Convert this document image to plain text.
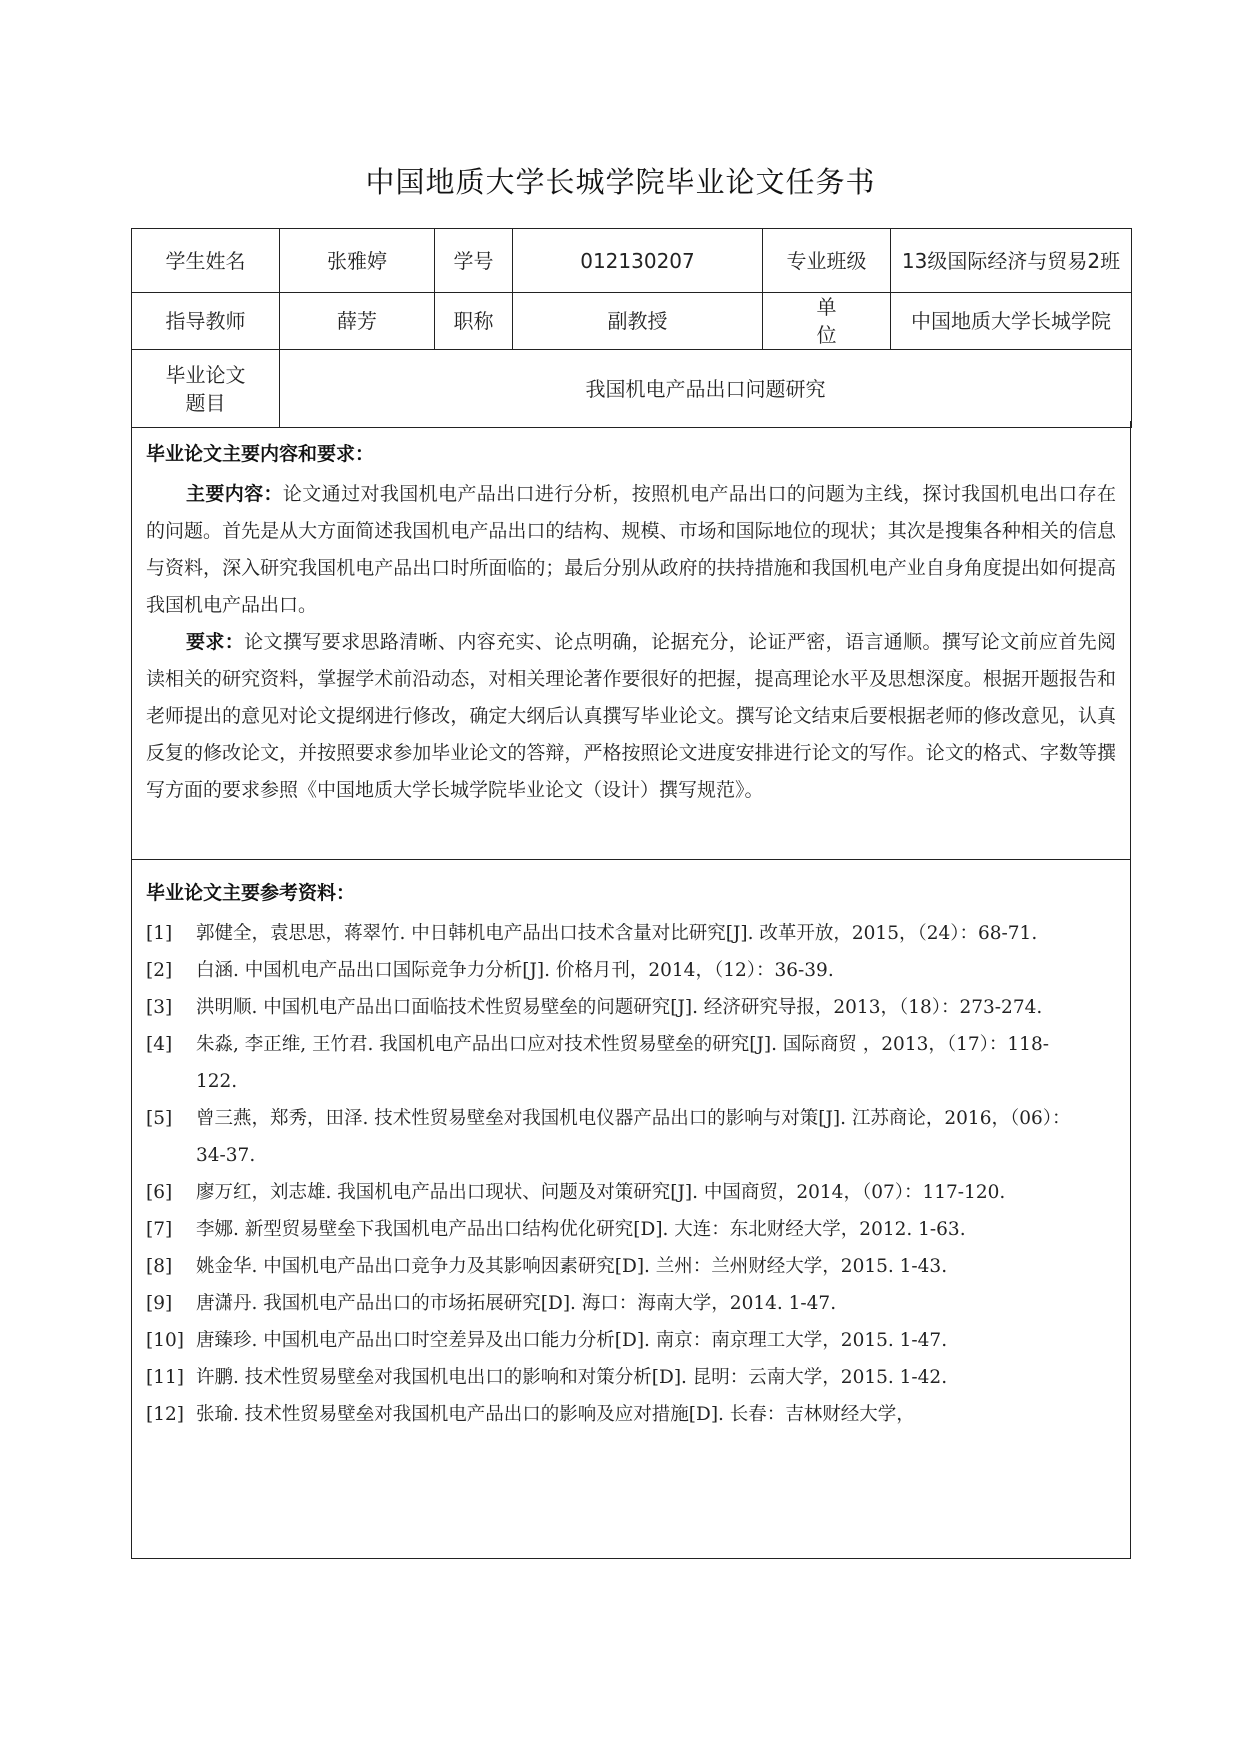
中国地质大学长城学院毕业论文任务书
学生姓名	张雅婷	学号	012130207	专业班级	13级国际经济与贸易2班
指导教师	薛芳	职称	副教授	单位	中国地质大学长城学院
毕业论文题目	我国机电产品出口问题研究				
毕业论文主要内容和要求：

主要内容：论文通过对我国机电产品出口进行分析，按照机电产品出口的问题为主线，探讨我国机电出口存在的问题。首先是从大方面简述我国机电产品出口的结构、规模、市场和国际地位的现状；其次是搜集各种相关的信息与资料，深入研究我国机电产品出口时所面临的；最后分别从政府的扶持措施和我国机电产业自身角度提出如何提高我国机电产品出口。

要求：论文撰写要求思路清晰、内容充实、论点明确，论据充分，论证严密，语言通顺。撰写论文前应首先阅读相关的研究资料，掌握学术前沿动态，对相关理论著作要很好的把握，提高理论水平及思想深度。根据开题报告和老师提出的意见对论文提纲进行修改，确定大纲后认真撰写毕业论文。撰写论文结束后要根据老师的修改意见，认真反复的修改论文，并按照要求参加毕业论文的答辩，严格按照论文进度安排进行论文的写作。论文的格式、字数等撰写方面的要求参照《中国地质大学长城学院毕业论文（设计）撰写规范》。

毕业论文主要参考资料：
[1] 郭健全，袁思思，蒋翠竹. 中日韩机电产品出口技术含量对比研究[J]. 改革开放，2015，（24）：68-71.
[2] 白涵. 中国机电产品出口国际竞争力分析[J]. 价格月刊，2014，（12）：36-39.
[3] 洪明顺. 中国机电产品出口面临技术性贸易壁垒的问题研究[J]. 经济研究导报，2013，（18）：273-274.
[4] 朱淼, 李正维, 王竹君. 我国机电产品出口应对技术性贸易壁垒的研究[J]. 国际商贸 ，2013，（17）：118-122.
[5] 曾三燕，郑秀，田泽. 技术性贸易壁垒对我国机电仪器产品出口的影响与对策[J]. 江苏商论，2016，（06）：34-37.
[6] 廖万红，刘志雄. 我国机电产品出口现状、问题及对策研究[J]. 中国商贸，2014，（07）：117-120.
[7] 李娜. 新型贸易壁垒下我国机电产品出口结构优化研究[D]. 大连：东北财经大学，2012. 1-63.
[8] 姚金华. 中国机电产品出口竞争力及其影响因素研究[D]. 兰州：兰州财经大学，2015. 1-43.
[9] 唐潇丹. 我国机电产品出口的市场拓展研究[D]. 海口：海南大学，2014. 1-47.
[10] 唐臻珍. 中国机电产品出口时空差异及出口能力分析[D]. 南京：南京理工大学，2015. 1-47.
[11] 许鹏. 技术性贸易壁垒对我国机电出口的影响和对策分析[D]. 昆明：云南大学，2015. 1-42.
[12] 张瑜. 技术性贸易壁垒对我国机电产品出口的影响及应对措施[D]. 长春：吉林财经大学，
